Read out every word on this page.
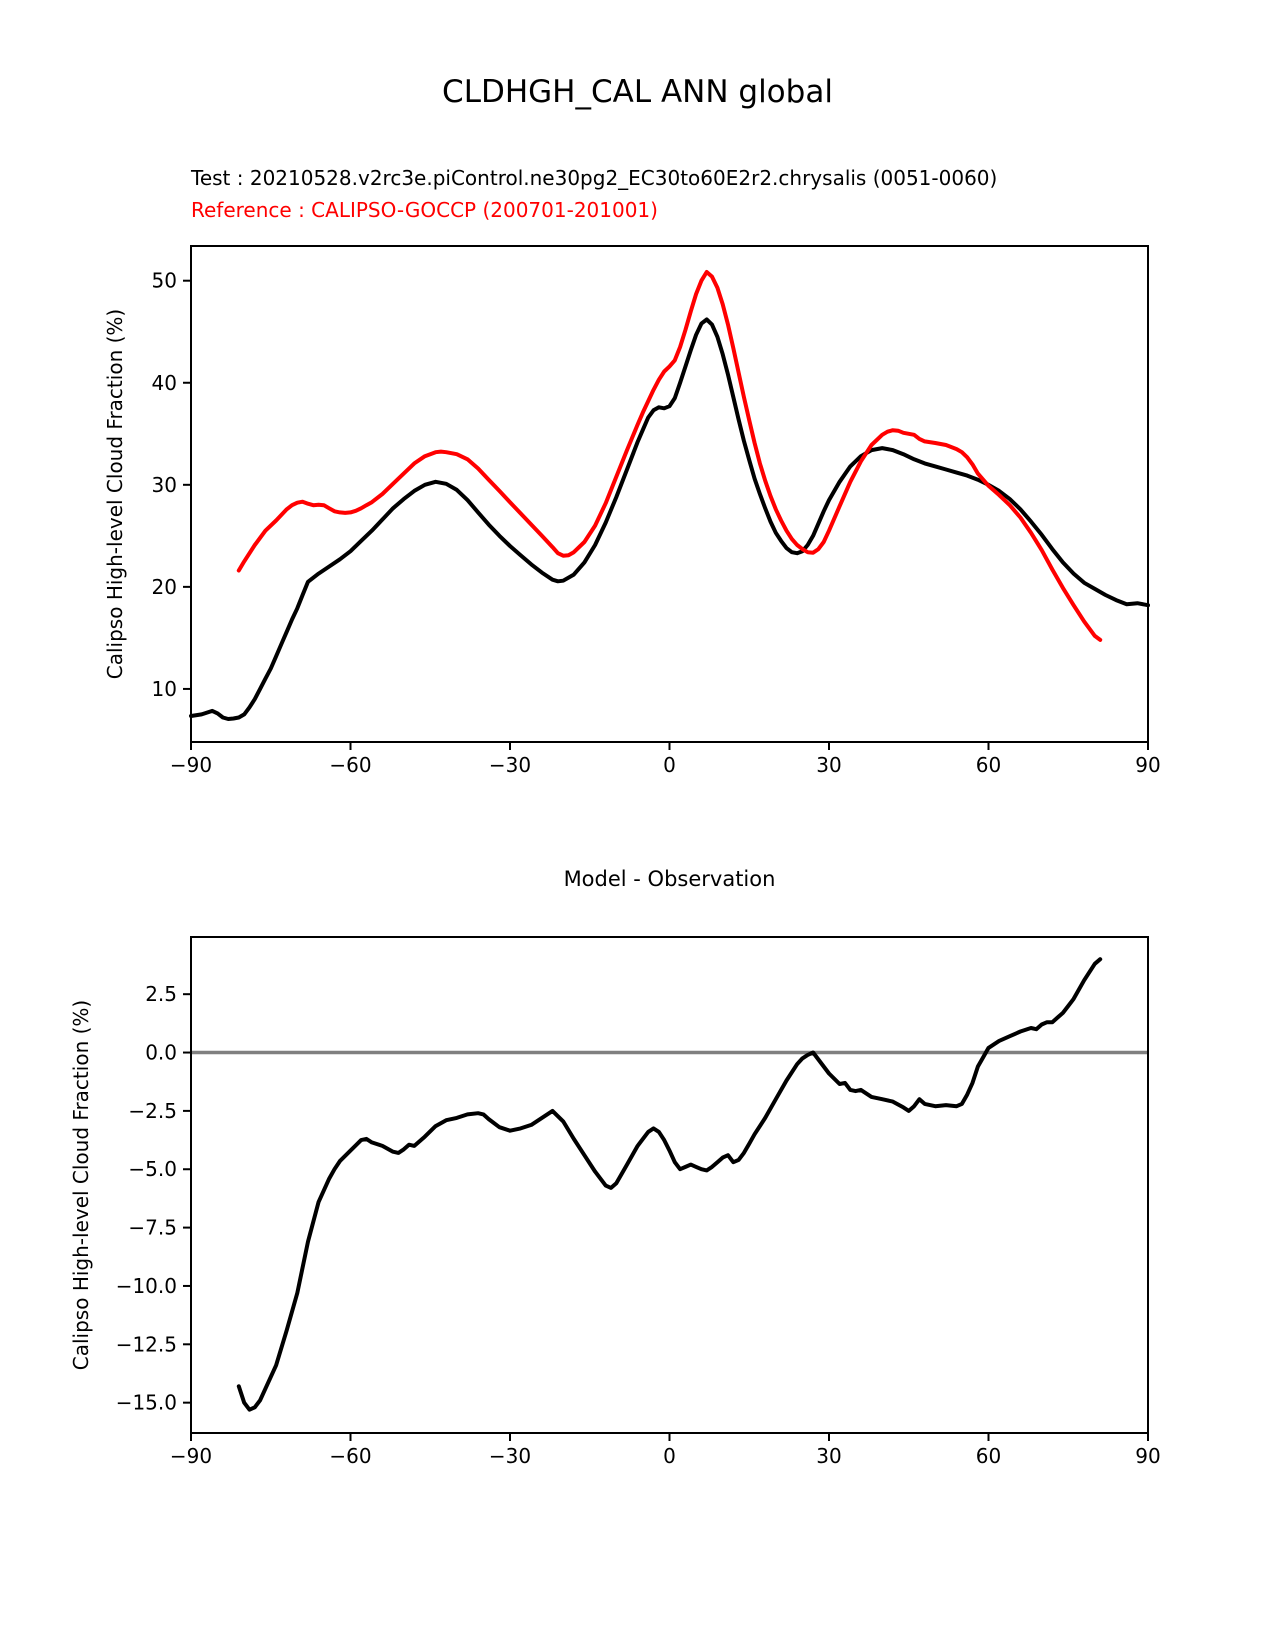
CLDHGH_CAL ANN global
Test : 20210528.v2rc3e.piControl.ne30pg2_EC30to60E2r2.chrysalis (0051-0060)
Reference : CALIPSO-GOCCP (200701-201001)
−90	−60	−30	0	30	60	90
10
20
30
40
50
Calipso High-level Cloud Fraction (%)
−90	−60	−30	0	30	60	90
2.5
0.0
−2.5
−5.0
−7.5
−10.0
−12.5
−15.0
Model - Observation
Calipso High-level Cloud Fraction (%)
